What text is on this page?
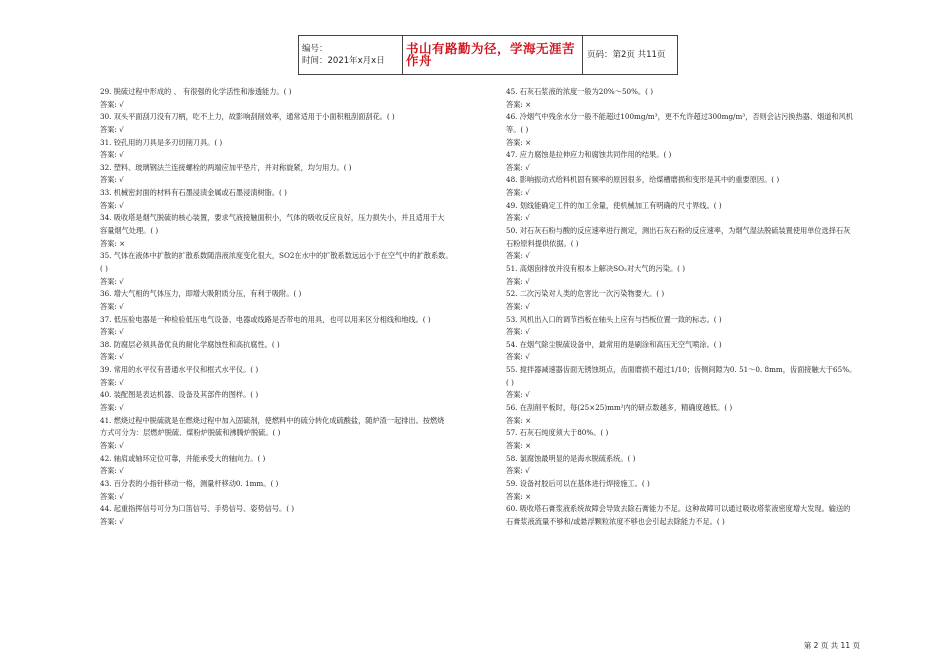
编号：
时间：2021年x月x日
书山有路勤为径，学海无涯苦作舟	页码：第2页 共11页
29. 脱硫过程中形成的 、 有很强的化学活性和渗透能力。( )
答案: √
30. 双头平面刮刀没有刀柄，吃不上力，故影响刮削效率，通常适用于小面积粗刮面刮花。( )
答案: √
31. 铰孔用的刀具是多刃切削刀具。( )
答案: √
32. 塑料、玻璃钢法兰连接螺栓的两端应加平垫片，并对称旋紧，均匀用力。( )
答案: √
33. 机械密封面的材料有石墨浸渍金属或石墨浸渍树脂。( )
答案: √
34. 吸收塔是烟气脱硫的核心装置，要求气液接触面积小，气体的吸收反应良好，压力损失小，并且适用于大
容量烟气处理。( )
答案: ×
35. 气体在液体中扩散的扩散系数随溶液浓度变化很大，SO2在水中的扩散系数远远小于在空气中的扩散系数。
( )
答案: √
36. 增大气相的气体压力，即增大吸附质分压，有利于吸附。( )
答案: √
37. 低压验电器是一种检验低压电气设备、电器或线路是否带电的用具，也可以用来区分相线和地线。( )
答案: √
38. 防腐层必须具备优良的耐化学腐蚀性和高抗腐性。( )
答案: √
39. 常用的水平仪有普通水平仪和框式水平仪。( )
答案: √
40. 装配图是表达机器、设备及其部件的图样。( )
答案: √
41. 燃烧过程中脱硫就是在燃烧过程中加入固硫剂，使燃料中的硫分转化成硫酸盐，随炉渣一起排出。按燃烧
方式可分为：层燃炉脱硫、煤粉炉脱硫和沸腾炉脱硫。( )
答案: √
42. 轴肩或轴环定位可靠，并能承受大的轴向力。( )
答案: √
43. 百分表的小指针移动一格，测量杆移动0. 1mm。( )
答案: √
44. 起重指挥信号可分为口笛信号、手势信号、姿势信号。( )
答案: √
45. 石灰石浆液的浓度一般为20%～50%。( )
答案: ×
46. 冷烟气中残余水分一般不能超过100mg/m³，更不允许超过300mg/m³，否则会沾污换热器、烟道和风机
等。( )
答案: ×
47. 应力腐蚀是拉伸应力和腐蚀共同作用的结果。( )
答案: √
48. 影响振动式给料机固有频率的原因很多，给煤槽磨损和变形是其中的重要原因。( )
答案: √
49. 划线能确定工件的加工余量，使机械加工有明确的尺寸界线。( )
答案: √
50. 对石灰石粉与酸的反应速率进行测定，测出石灰石粉的反应速率，为烟气湿法脱硫装置使用单位选择石灰
石粉原料提供依据。( )
答案: √
51. 高烟囱排放并没有根本上解决SO₂对大气的污染。( )
答案: √
52. 二次污染对人类的危害比一次污染物要大。( )
答案: √
53. 风机出入口的调节挡板在轴头上应有与挡板位置一致的标志。( )
答案: √
54. 在烟气除尘脱硫设备中，最常用的是刷涂和高压无空气喷涂。( )
答案: √
55. 搅拌器减速器齿面无锈蚀斑点，齿面磨损不超过1/10；齿侧间隙为0. 51～0. 8mm，齿面接触大于65%。
( )
答案: √
56. 在刮削平板时，每(25×25)mm²内的研点数越多，精确度越低。( )
答案: ×
57. 石灰石纯度须大于80%。( )
答案: ×
58. 氯腐蚀最明显的是海水脱硫系统。( )
答案: √
59. 设备衬胶后可以在基体进行焊接施工。( )
答案: ×
60. 吸收塔石膏浆液系统故障会导致去除石膏能力不足。这种故障可以通过吸收塔浆液密度增大发现。输送的
石膏浆液流量不够和/或悬浮颗粒浓度不够也会引起去除能力不足。( )
第 2 页 共 11 页
